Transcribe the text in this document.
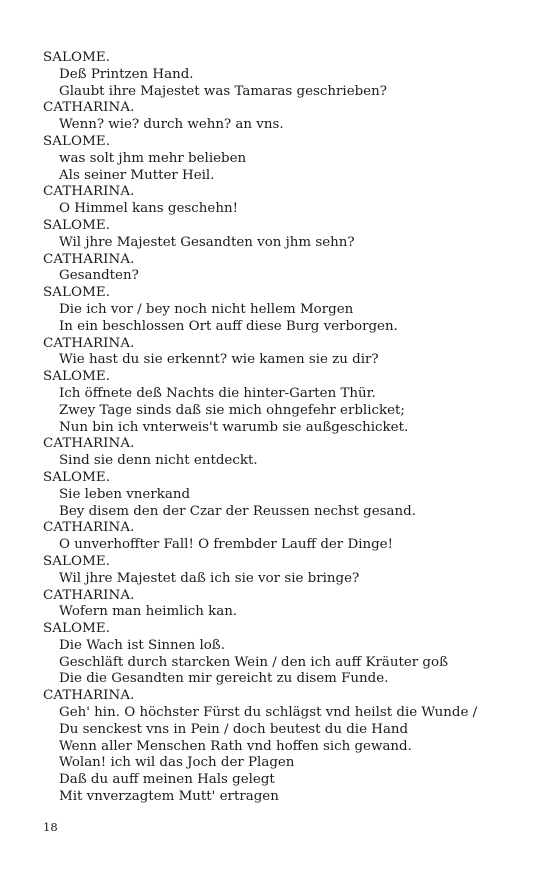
SALOME.
Deß Printzen Hand.
Glaubt ihre Majestet was Tamaras geschrieben?
CATHARINA.
Wenn? wie? durch wehn? an vns.
SALOME.
was solt jhm mehr belieben
Als seiner Mutter Heil.
CATHARINA.
O Himmel kans geschehn!
SALOME.
Wil jhre Majestet Gesandten von jhm sehn?
CATHARINA.
Gesandten?
SALOME.
Die ich vor / bey noch nicht hellem Morgen
In ein beschlossen Ort auff diese Burg verborgen.
CATHARINA.
Wie hast du sie erkennt? wie kamen sie zu dir?
SALOME.
Ich öffnete deß Nachts die hinter-Garten Thür.
Zwey Tage sinds daß sie mich ohngefehr erblicket;
Nun bin ich vnterweis't warumb sie außgeschicket.
CATHARINA.
Sind sie denn nicht entdeckt.
SALOME.
Sie leben vnerkand
Bey disem den der Czar der Reussen nechst gesand.
CATHARINA.
O unverhoffter Fall! O frembder Lauff der Dinge!
SALOME.
Wil jhre Majestet daß ich sie vor sie bringe?
CATHARINA.
Wofern man heimlich kan.
SALOME.
Die Wach ist Sinnen loß.
Geschläft durch starcken Wein / den ich auff Kräuter goß
Die die Gesandten mir gereicht zu disem Funde.
CATHARINA.
Geh' hin. O höchster Fürst du schlägst vnd heilst die Wunde /
Du senckest vns in Pein / doch beutest du die Hand
Wenn aller Menschen Rath vnd hoffen sich gewand.
Wolan! ich wil das Joch der Plagen
Daß du auff meinen Hals gelegt
Mit vnverzagtem Mutt' ertragen
18
